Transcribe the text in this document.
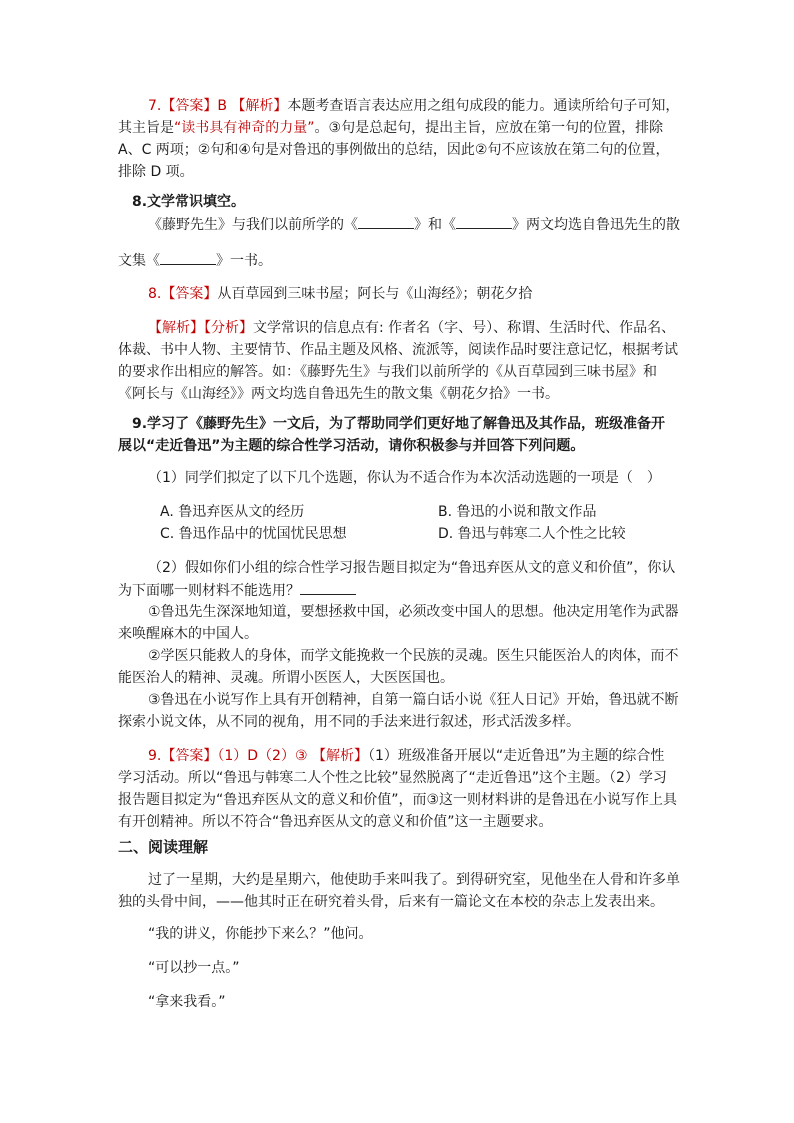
7.【答案】B 【解析】本题考查语言表达应用之组句成段的能力。通读所给句子可知，
其主旨是“读书具有神奇的力量”。③句是总起句，提出主旨，应放在第一句的位置，排除
A、C 两项；②句和④句是对鲁迅的事例做出的总结，因此②句不应该放在第二句的位置，
排除 D 项。
8.文学常识填空。
《藤野先生》与我们以前所学的《	》和《	》两文均选自鲁迅先生的散
文集《	》一书。
8.【答案】从百草园到三味书屋；阿长与《山海经》；朝花夕拾
【解析】【分析】文学常识的信息点有: 作者名（字、号）、称谓、生活时代、作品名、
体裁、书中人物、主要情节、作品主题及风格、流派等，阅读作品时要注意记忆，根据考试
的要求作出相应的解答。如：《藤野先生》与我们以前所学的《从百草园到三味书屋》和
《阿长与《山海经》》两文均选自鲁迅先生的散文集《朝花夕拾》一书。
9.学习了《藤野先生》一文后，为了帮助同学们更好地了解鲁迅及其作品，班级准备开
展以“走近鲁迅”为主题的综合性学习活动，请你积极参与并回答下列问题。
（1）同学们拟定了以下几个选题，你认为不适合作为本次活动选题的一项是（　）
A. 鲁迅弃医从文的经历	B. 鲁迅的小说和散文作品
C. 鲁迅作品中的忧国忧民思想	D. 鲁迅与韩寒二人个性之比较
（2）假如你们小组的综合性学习报告题目拟定为“鲁迅弃医从文的意义和价值”，你认
为下面哪一则材料不能选用？
①鲁迅先生深深地知道，要想拯救中国，必须改变中国人的思想。他决定用笔作为武器
来唤醒麻木的中国人。
②学医只能救人的身体，而学文能挽救一个民族的灵魂。医生只能医治人的肉体，而不
能医治人的精神、灵魂。所谓小医医人，大医医国也。
③鲁迅在小说写作上具有开创精神，自第一篇白话小说《狂人日记》开始，鲁迅就不断
探索小说文体，从不同的视角，用不同的手法来进行叙述，形式活泼多样。
9.【答案】（1）D（2）③ 【解析】（1）班级准备开展以“走近鲁迅”为主题的综合性
学习活动。所以“鲁迅与韩寒二人个性之比较”显然脱离了“走近鲁迅”这个主题。（2）学习
报告题目拟定为“鲁迅弃医从文的意义和价值”，而③这一则材料讲的是鲁迅在小说写作上具
有开创精神。所以不符合“鲁迅弃医从文的意义和价值”这一主题要求。
二、阅读理解
过了一星期，大约是星期六，他使助手来叫我了。到得研究室，见他坐在人骨和许多单
独的头骨中间，——他其时正在研究着头骨，后来有一篇论文在本校的杂志上发表出来。
“我的讲义，你能抄下来么？”他问。
“可以抄一点。”
“拿来我看。”
